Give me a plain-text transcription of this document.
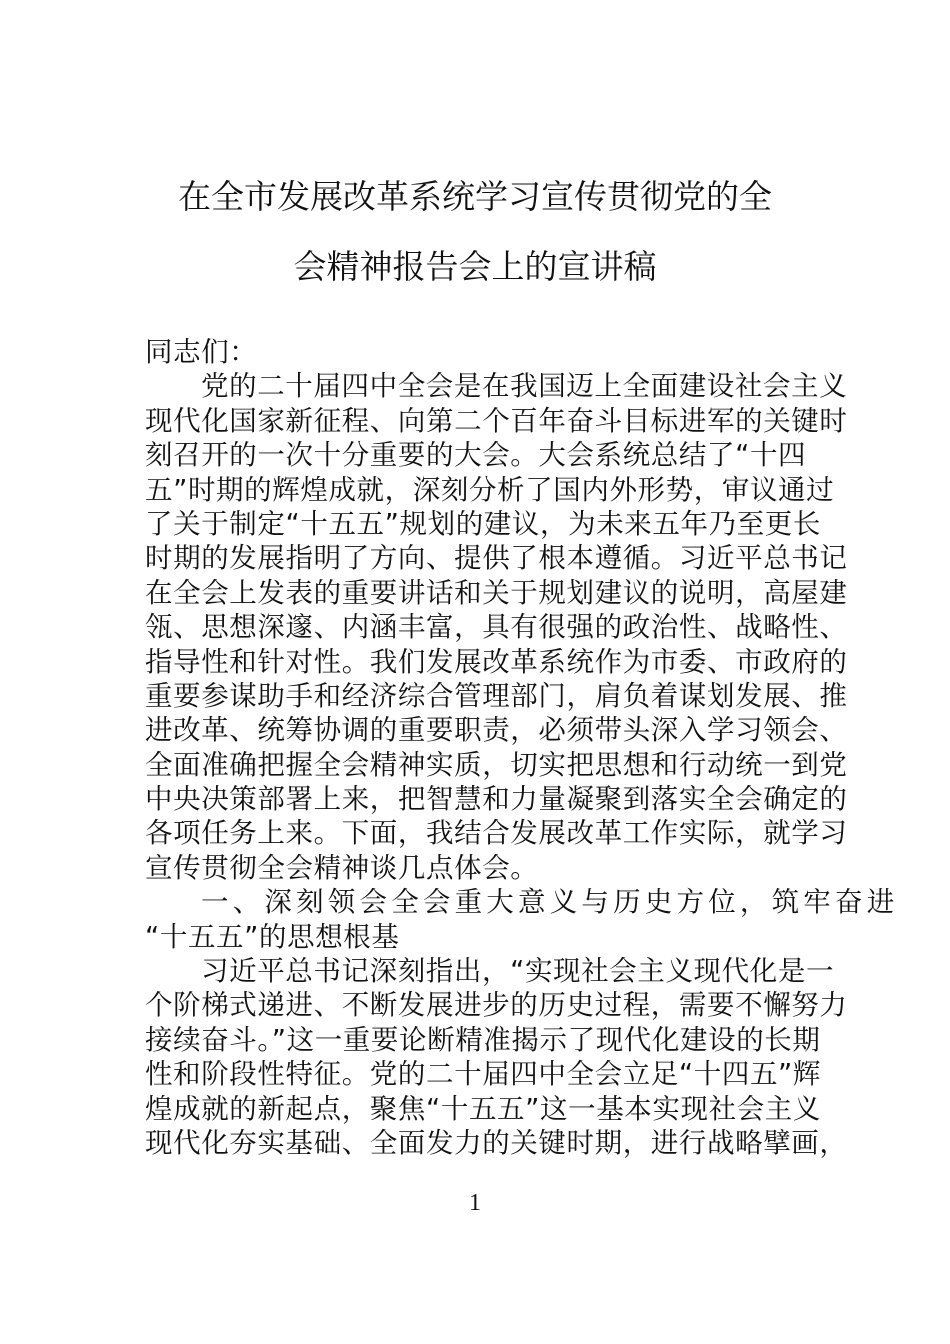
在全市发展改革系统学习宣传贯彻党的全
会精神报告会上的宣讲稿
同志们：
党的二十届四中全会是在我国迈上全面建设社会主义
现代化国家新征程、向第二个百年奋斗目标进军的关键时
刻召开的一次十分重要的大会。大会系统总结了“十四
五”时期的辉煌成就，深刻分析了国内外形势，审议通过
了关于制定“十五五”规划的建议，为未来五年乃至更长
时期的发展指明了方向、提供了根本遵循。习近平总书记
在全会上发表的重要讲话和关于规划建议的说明，高屋建
瓴、思想深邃、内涵丰富，具有很强的政治性、战略性、
指导性和针对性。我们发展改革系统作为市委、市政府的
重要参谋助手和经济综合管理部门，肩负着谋划发展、推
进改革、统筹协调的重要职责，必须带头深入学习领会、
全面准确把握全会精神实质，切实把思想和行动统一到党
中央决策部署上来，把智慧和力量凝聚到落实全会确定的
各项任务上来。下面，我结合发展改革工作实际，就学习
宣传贯彻全会精神谈几点体会。
一、深刻领会全会重大意义与历史方位，筑牢奋进
“十五五”的思想根基
习近平总书记深刻指出，“实现社会主义现代化是一
个阶梯式递进、不断发展进步的历史过程，需要不懈努力
接续奋斗。”这一重要论断精准揭示了现代化建设的长期
性和阶段性特征。党的二十届四中全会立足“十四五”辉
煌成就的新起点，聚焦“十五五”这一基本实现社会主义
现代化夯实基础、全面发力的关键时期，进行战略擘画，
1
